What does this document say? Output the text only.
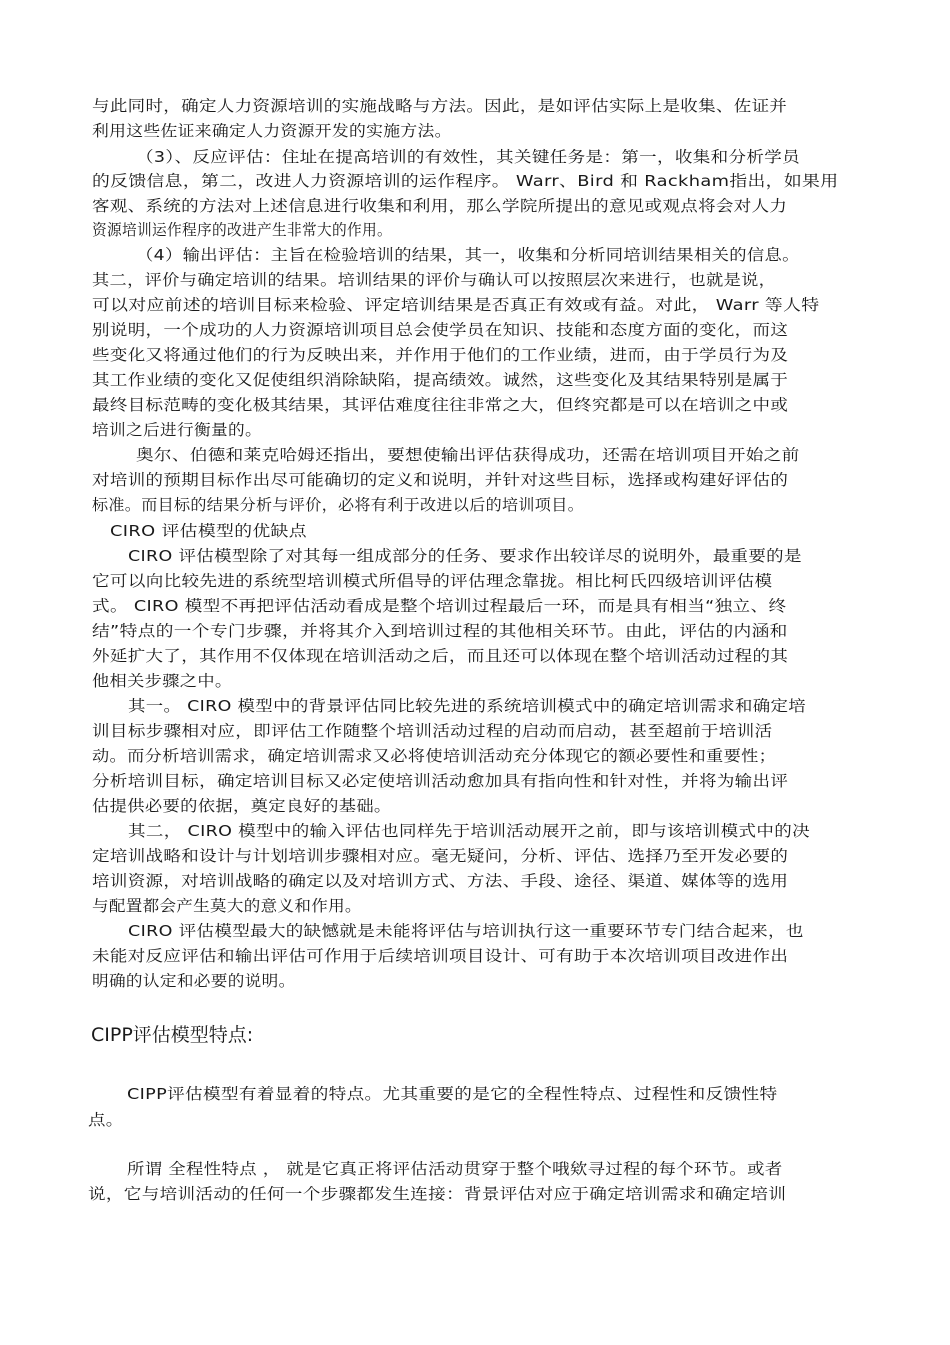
与此同时，确定人力资源培训的实施战略与方法。因此，是如评估实际上是收集、佐证并
利用这些佐证来确定人力资源开发的实施方法。
（3）、反应评估：住址在提高培训的有效性，其关键任务是：第一，收集和分析学员
的反馈信息，第二，改进人力资源培训的运作程序。 Warr、Bird 和 Rackham指出，如果用
客观、系统的方法对上述信息进行收集和利用，那么学院所提出的意见或观点将会对人力
资源培训运作程序的改进产生非常大的作用。
（4）输出评估：主旨在检验培训的结果，其一，收集和分析同培训结果相关的信息。
其二，评价与确定培训的结果。培训结果的评价与确认可以按照层次来进行，也就是说，
可以对应前述的培训目标来检验、评定培训结果是否真正有效或有益。对此， Warr 等人特
别说明，一个成功的人力资源培训项目总会使学员在知识、技能和态度方面的变化，而这
些变化又将通过他们的行为反映出来，并作用于他们的工作业绩，进而，由于学员行为及
其工作业绩的变化又促使组织消除缺陷，提高绩效。诚然，这些变化及其结果特别是属于
最终目标范畴的变化极其结果，其评估难度往往非常之大，但终究都是可以在培训之中或
培训之后进行衡量的。
奥尔、伯德和莱克哈姆还指出，要想使输出评估获得成功，还需在培训项目开始之前
对培训的预期目标作出尽可能确切的定义和说明，并针对这些目标，选择或构建好评估的
标准。而目标的结果分析与评价，必将有利于改进以后的培训项目。
CIRO 评估模型的优缺点
CIRO 评估模型除了对其每一组成部分的任务、要求作出较详尽的说明外，最重要的是
它可以向比较先进的系统型培训模式所倡导的评估理念靠拢。相比柯氏四级培训评估模
式。 CIRO 模型不再把评估活动看成是整个培训过程最后一环，而是具有相当“独立、终
结”特点的一个专门步骤，并将其介入到培训过程的其他相关环节。由此，评估的内涵和
外延扩大了，其作用不仅体现在培训活动之后，而且还可以体现在整个培训活动过程的其
他相关步骤之中。
其一。 CIRO 模型中的背景评估同比较先进的系统培训模式中的确定培训需求和确定培
训目标步骤相对应，即评估工作随整个培训活动过程的启动而启动，甚至超前于培训活
动。而分析培训需求，确定培训需求又必将使培训活动充分体现它的额必要性和重要性；
分析培训目标，确定培训目标又必定使培训活动愈加具有指向性和针对性，并将为输出评
估提供必要的依据，奠定良好的基础。
其二， CIRO 模型中的输入评估也同样先于培训活动展开之前，即与该培训模式中的决
定培训战略和设计与计划培训步骤相对应。毫无疑问，分析、评估、选择乃至开发必要的
培训资源，对培训战略的确定以及对培训方式、方法、手段、途径、渠道、媒体等的选用
与配置都会产生莫大的意义和作用。
CIRO 评估模型最大的缺憾就是未能将评估与培训执行这一重要环节专门结合起来，也
未能对反应评估和输出评估可作用于后续培训项目设计、可有助于本次培训项目改进作出
明确的认定和必要的说明。
CIPP评估模型特点:
CIPP评估模型有着显着的特点。尤其重要的是它的全程性特点、过程性和反馈性特
点。
所谓 全程性特点 ， 就是它真正将评估活动贯穿于整个哦欸寻过程的每个环节。或者
说，它与培训活动的任何一个步骤都发生连接：背景评估对应于确定培训需求和确定培训
